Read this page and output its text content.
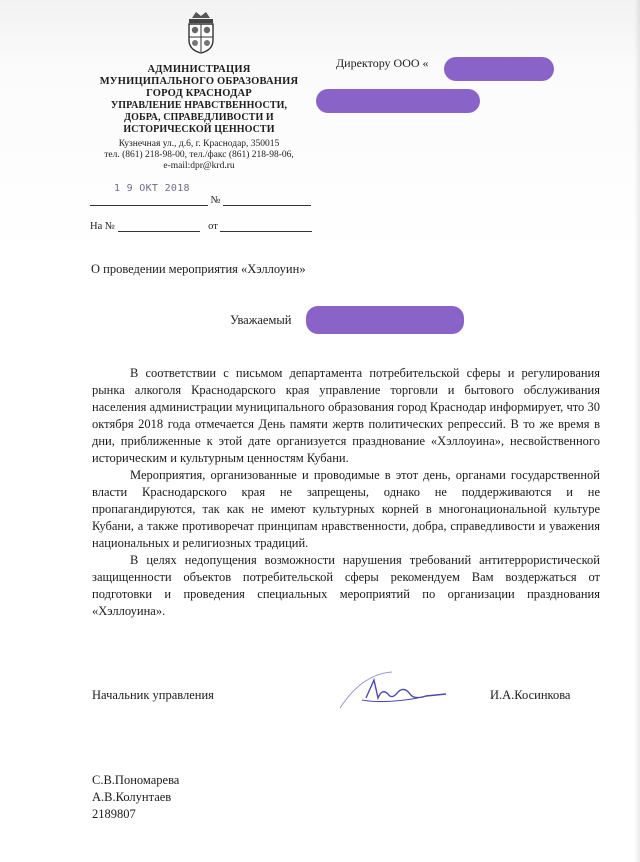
АДМИНИСТРАЦИЯ
МУНИЦИПАЛЬНОГО ОБРАЗОВАНИЯ
ГОРОД КРАСНОДАР
УПРАВЛЕНИЕ НРАВСТВЕННОСТИ,
ДОБРА, СПРАВЕДЛИВОСТИ И
ИСТОРИЧЕСКОЙ ЦЕННОСТИ
Кузнечная ул., д.6, г. Краснодар, 350015
тел. (861) 218-98-00, тел./факс (861) 218-98-06,
e-mail:dpr@krd.ru
1 9 ОКТ 2018
№
На №	от
Директору ООО «
О проведении мероприятия «Хэллоуин»
Уважаемый

В соответствии с письмом департамента потребительской сферы и регулирования рынка алкоголя Краснодарского края управление торговли и бытового обслуживания населения администрации муниципального образования город Краснодар информирует, что 30 октября 2018 года отмечается День памяти жертв политических репрессий. В то же время в дни, приближенные к этой дате организуется празднование «Хэллоуина», несвойственного историческим и культурным ценностям Кубани.

Мероприятия, организованные и проводимые в этот день, органами государственной власти Краснодарского края не запрещены, однако не поддерживаются и не пропагандируются, так как не имеют культурных корней в многонациональной культуре Кубани, а также противоречат принципам нравственности, добра, справедливости и уважения национальных и религиозных традиций.

В целях недопущения возможности нарушения требований антитеррористической защищенности объектов потребительской сферы рекомендуем Вам воздержаться от подготовки и проведения специальных мероприятий по организации празднования «Хэллоуина».

Начальник управления	И.А.Косинкова
С.В.Пономарева
А.В.Колунтаев
2189807
